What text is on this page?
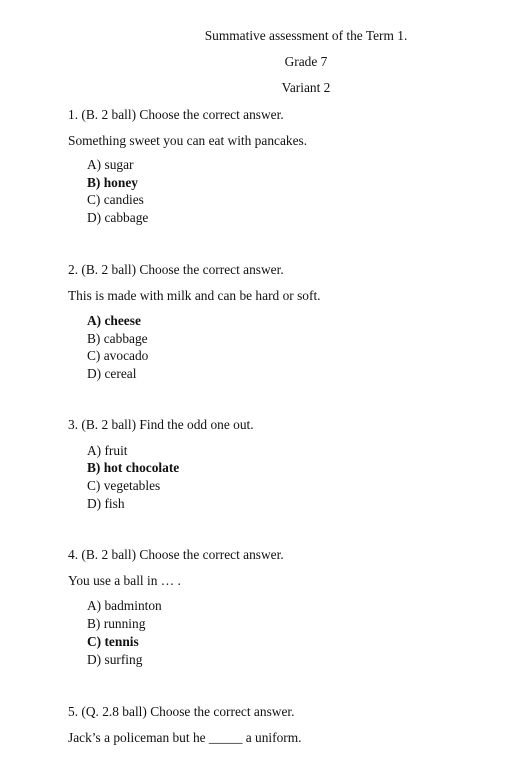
Summative assessment of the Term 1.
Grade 7
Variant 2
1. (B. 2 ball) Choose the correct answer.
Something sweet you can eat with pancakes.
A) sugar
B) honey
C) candies
D) cabbage
2. (B. 2 ball) Choose the correct answer.
This is made with milk and can be hard or soft.
A) cheese
B) cabbage
C) avocado
D) cereal
3. (B. 2 ball) Find the odd one out.
A) fruit
B) hot chocolate
C) vegetables
D) fish
4. (B. 2 ball) Choose the correct answer.
You use a ball in … .
A) badminton
B) running
C) tennis
D) surfing
5. (Q. 2.8 ball) Choose the correct answer.
Jack’s a policeman but he _____ a uniform.
